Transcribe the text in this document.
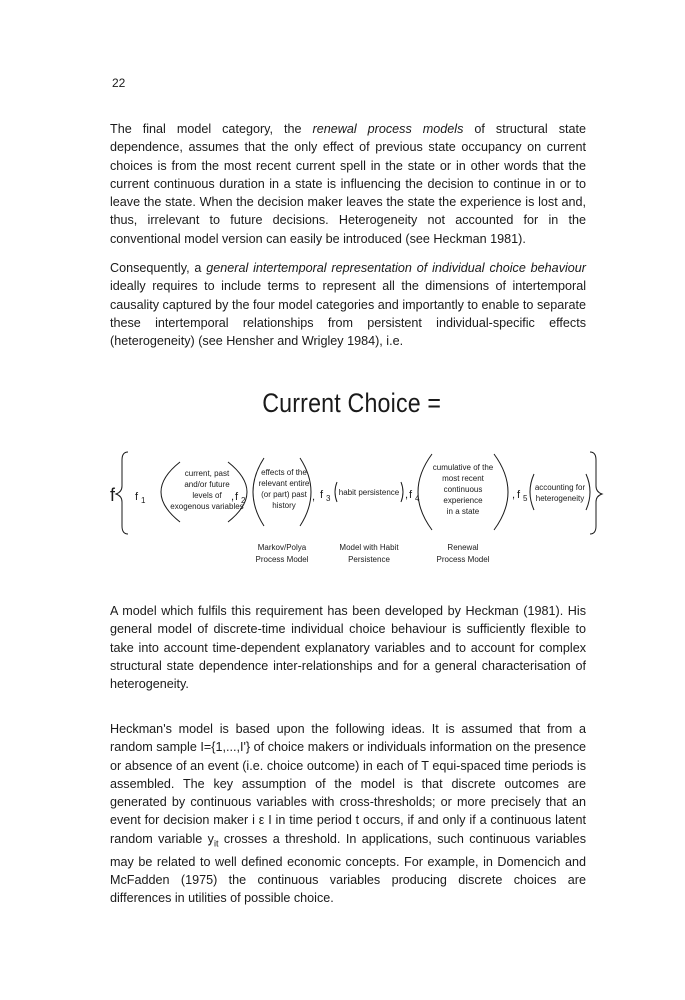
22

The final model category, the renewal process models of structural state dependence, assumes that the only effect of previous state occupancy on current choices is from the most recent current spell in the state or in other words that the current continuous duration in a state is influencing the decision to continue in or to leave the state. When the decision maker leaves the state the experience is lost and, thus, irrelevant to future decisions. Heterogeneity not accounted for in the conventional model version can easily be introduced (see Heckman 1981).

Consequently, a general intertemporal representation of individual choice behaviour ideally requires to include terms to represent all the dimensions of intertemporal causality captured by the four model categories and importantly to enable to separate these intertemporal relationships from persistent individual-specific effects (heterogeneity) (see Hensher and Wrigley 1984), i.e.

Current Choice =
f f 1
current, past
and/or future
levels of
exogenous variables
, f 2
effects of the
relevant entire
(or part) past
history
, f 3
habit persistence , f 4
cumulative of the
most recent
continuous
experience
in a state
, f 5
accounting for
heterogeneity
Markov/Polya
Process Model
Model with Habit
Persistence
Renewal
Process Model

A model which fulfils this requirement has been developed by Heckman (1981). His general model of discrete-time individual choice behaviour is sufficiently flexible to take into account time-dependent explanatory variables and to account for complex structural state dependence inter-relationships and for a general characterisation of heterogeneity.

Heckman's model is based upon the following ideas. It is assumed that from a random sample I={1,...,I'} of choice makers or individuals information on the presence or absence of an event (i.e. choice outcome) in each of T equi-spaced time periods is assembled. The key assumption of the model is that discrete outcomes are generated by continuous variables with cross-thresholds; or more precisely that an event for decision maker i ε I in time period t occurs, if and only if a continuous latent random variable $y_{it}$ crosses a threshold. In applications, such continuous variables may be related to well defined economic concepts. For example, in Domencich and McFadden (1975) the continuous variables producing discrete choices are differences in utilities of possible choice.
